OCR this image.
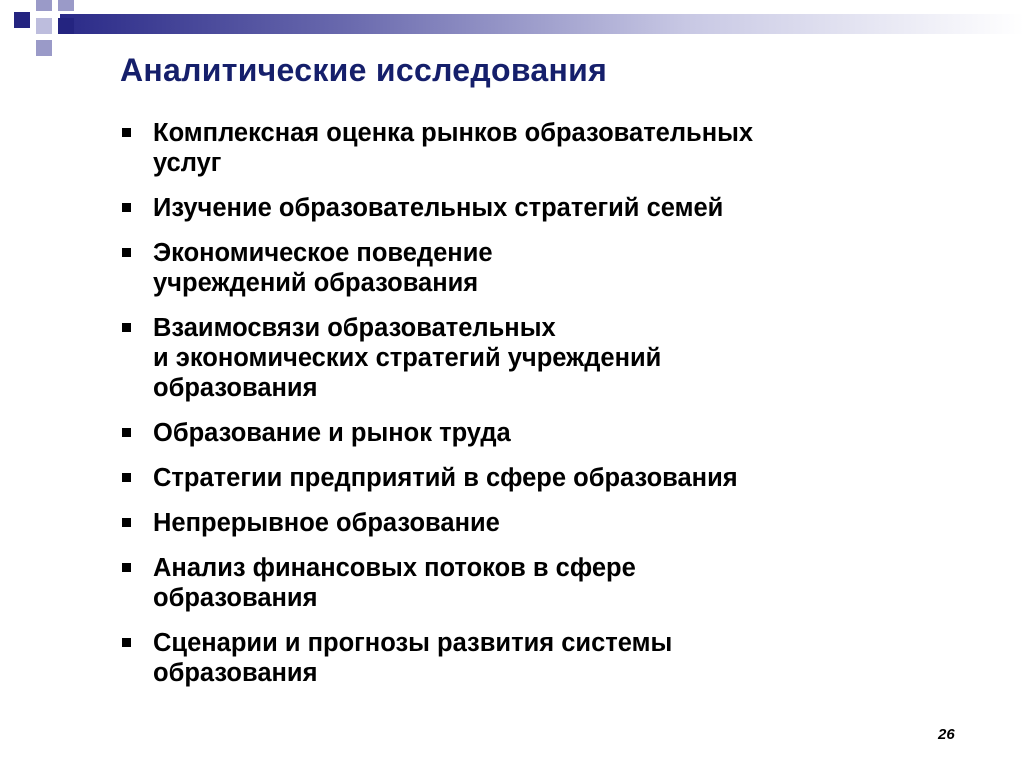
Аналитические исследования
Комплексная оценка рынков образовательных
услуг
Изучение образовательных стратегий семей
Экономическое поведение
учреждений образования
Взаимосвязи образовательных
и экономических стратегий учреждений
образования
Образование и рынок труда
Стратегии предприятий в сфере образования
Непрерывное образование
Анализ финансовых потоков в сфере
образования
Сценарии и прогнозы развития системы
образования
26
